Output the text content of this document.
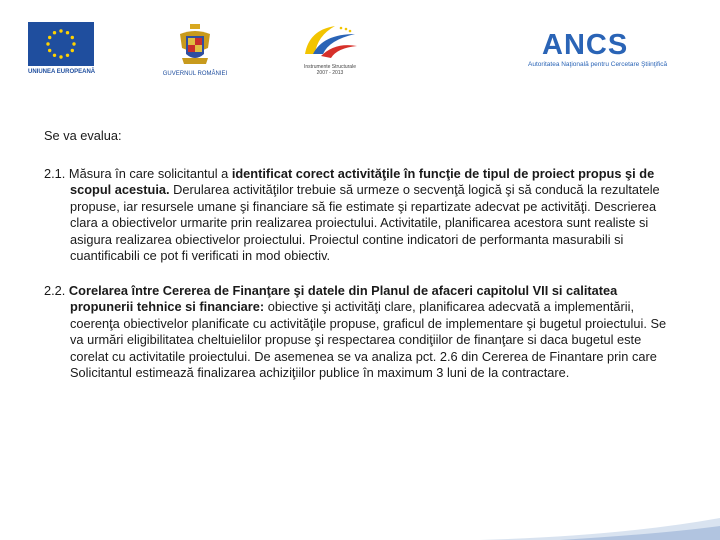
UNIUNEA EUROPEANĂ	GUVERNUL ROMÂNIEI
Instrumente Structurale
2007 - 2013
ANCS
Autoritatea Naţională pentru Cercetare Ştiinţifică

Se va evalua:

2.1. Măsura în care solicitantul a identificat corect activităţile în funcţie de tipul de proiect propus şi de scopul acestuia. Derularea activităţilor trebuie să urmeze o secvenţă logică şi să conducă la rezultatele propuse, iar resursele umane şi financiare să fie estimate şi repartizate adecvat pe activităţi. Descrierea clara a obiectivelor urmarite prin realizarea proiectului. Activitatile, planificarea acestora sunt realiste si asigura realizarea obiectivelor proiectului. Proiectul contine indicatori de performanta masurabili si cuantificabili ce pot fi verificati in mod obiectiv.

2.2. Corelarea între Cererea de Finanţare şi datele din Planul de afaceri capitolul VII si calitatea propunerii tehnice si financiare: obiective şi activităţi clare, planificarea adecvată a implementării, coerenţa obiectivelor planificate cu activităţile propuse, graficul de implementare şi bugetul proiectului. Se va urmări eligibilitatea cheltuielilor propuse şi respectarea condiţiilor de finanţare si daca bugetul este corelat cu activitatile proiectului. De asemenea se va analiza pct. 2.6 din Cererea de Finantare prin care Solicitantul estimează finalizarea achiziţiilor publice în maximum 3 luni de la contractare.
